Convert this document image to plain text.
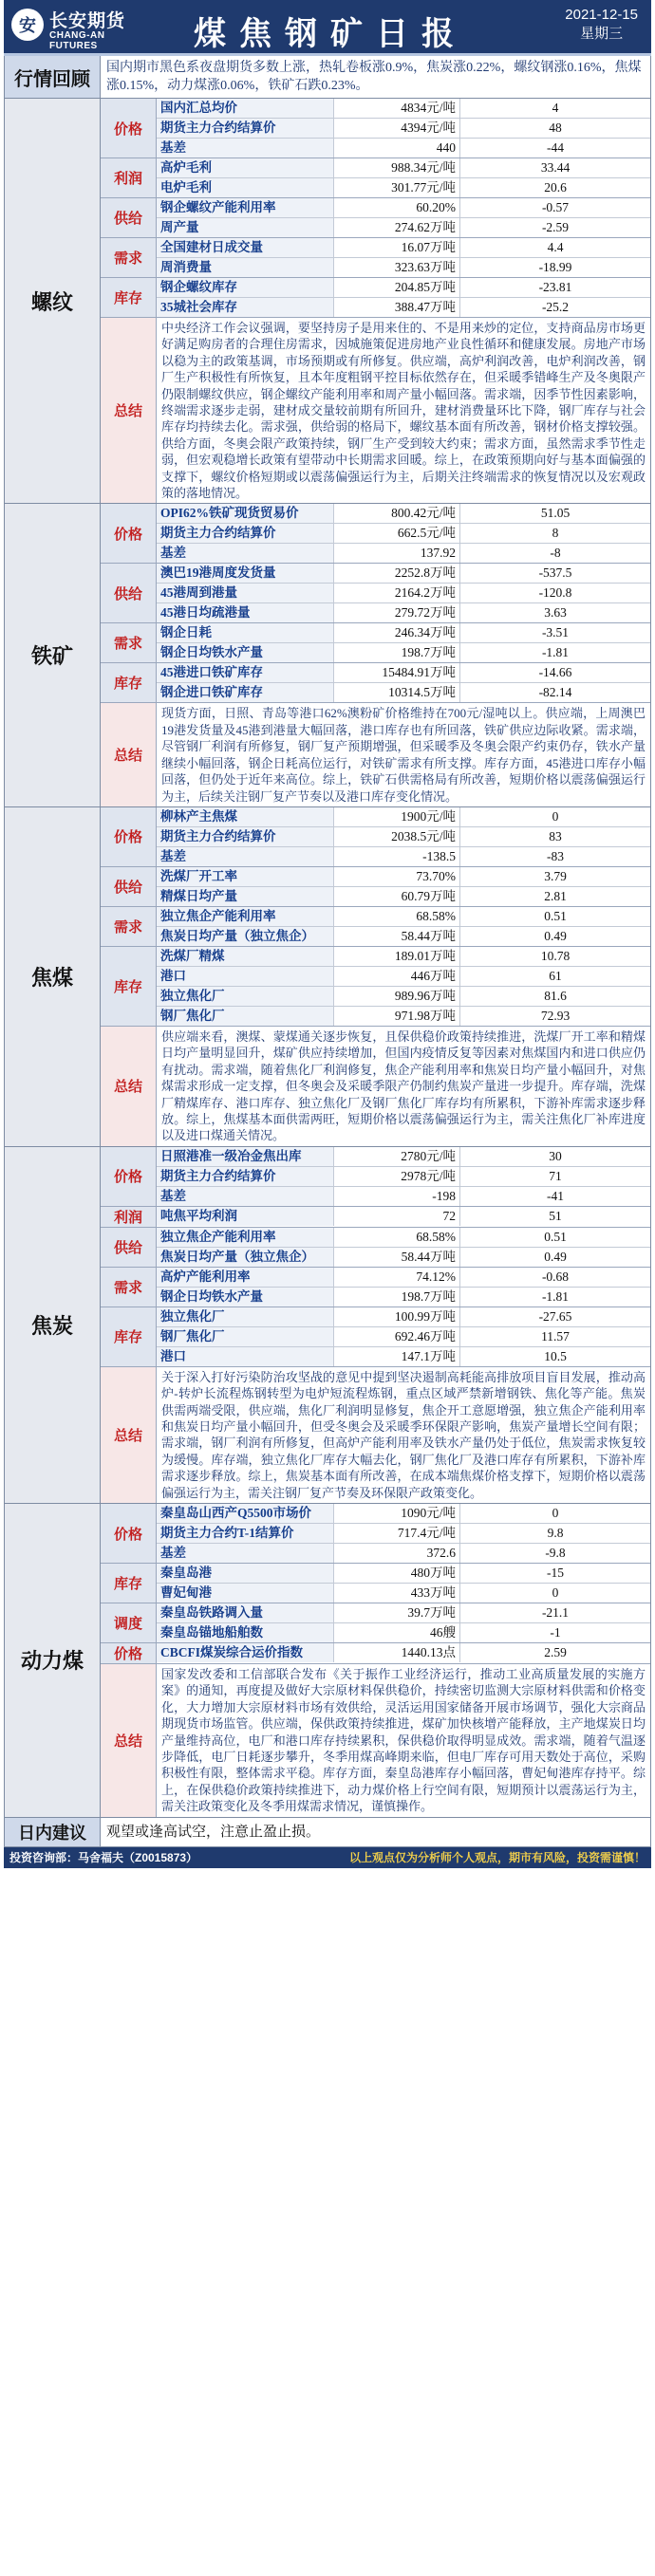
安 长安期货
CHANG-AN FUTURES	煤焦钢矿日报
2021-12-15
星期三
行情回顾
国内期市黑色系夜盘期货多数上涨，热轧卷板涨0.9%，焦炭涨0.22%，螺纹钢涨0.16%，焦煤涨0.15%，动力煤涨0.06%，铁矿石跌0.23%。
螺纹
价格
国内汇总均价	4834元/吨	4
期货主力合约结算价	4394元/吨	48
基差	440	-44
利润
高炉毛利	988.34元/吨	33.44
电炉毛利	301.77元/吨	20.6
供给
钢企螺纹产能利用率	60.20%	-0.57
周产量	274.62万吨	-2.59
需求
全国建材日成交量	16.07万吨	4.4
周消费量	323.63万吨	-18.99
库存
钢企螺纹库存	204.85万吨	-23.81
35城社会库存	388.47万吨	-25.2
总结
中央经济工作会议强调，要坚持房子是用来住的、不是用来炒的定位，支持商品房市场更好满足购房者的合理住房需求，因城施策促进房地产业良性循环和健康发展。房地产市场以稳为主的政策基调，市场预期或有所修复。供应端，高炉利润改善，电炉利润改善，钢厂生产积极性有所恢复，且本年度粗钢平控目标依然存在，但采暖季错峰生产及冬奥限产仍限制螺纹供应，钢企螺纹产能利用率和周产量小幅回落。需求端，因季节性因素影响，终端需求逐步走弱，建材成交量较前期有所回升，建材消费量环比下降，钢厂库存与社会库存均持续去化。需求强，供给弱的格局下，螺纹基本面有所改善，钢材价格支撑较强。供给方面，冬奥会限产政策持续，钢厂生产受到较大约束；需求方面，虽然需求季节性走弱，但宏观稳增长政策有望带动中长期需求回暖。综上，在政策预期向好与基本面偏强的支撑下，螺纹价格短期或以震荡偏强运行为主，后期关注终端需求的恢复情况以及宏观政策的落地情况。
铁矿
价格
OPI62%铁矿现货贸易价	800.42元/吨	51.05
期货主力合约结算价	662.5元/吨	8
基差	137.92	-8
供给
澳巴19港周度发货量	2252.8万吨	-537.5
45港周到港量	2164.2万吨	-120.8
45港日均疏港量	279.72万吨	3.63
需求
钢企日耗	246.34万吨	-3.51
钢企日均铁水产量	198.7万吨	-1.81
库存
45港进口铁矿库存	15484.91万吨	-14.66
钢企进口铁矿库存	10314.5万吨	-82.14
总结
现货方面，日照、青岛等港口62%澳粉矿价格维持在700元/湿吨以上。供应端，上周澳巴19港发货量及45港到港量大幅回落，港口库存也有所回落，铁矿供应边际收紧。需求端，尽管钢厂利润有所修复，钢厂复产预期增强，但采暖季及冬奥会限产约束仍存，铁水产量继续小幅回落，钢企日耗高位运行，对铁矿需求有所支撑。库存方面，45港进口库存小幅回落，但仍处于近年来高位。综上，铁矿石供需格局有所改善，短期价格以震荡偏强运行为主，后续关注钢厂复产节奏以及港口库存变化情况。
焦煤
价格
柳林产主焦煤	1900元/吨	0
期货主力合约结算价	2038.5元/吨	83
基差	-138.5	-83
供给
洗煤厂开工率	73.70%	3.79
精煤日均产量	60.79万吨	2.81
需求
独立焦企产能利用率	68.58%	0.51
焦炭日均产量（独立焦企）	58.44万吨	0.49
库存
洗煤厂精煤	189.01万吨	10.78
港口	446万吨	61
独立焦化厂	989.96万吨	81.6
钢厂焦化厂	971.98万吨	72.93
总结
供应端来看，澳煤、蒙煤通关逐步恢复，且保供稳价政策持续推进，洗煤厂开工率和精煤日均产量明显回升，煤矿供应持续增加，但国内疫情反复等因素对焦煤国内和进口供应仍有扰动。需求端，随着焦化厂利润修复，焦企产能利用率和焦炭日均产量小幅回升，对焦煤需求形成一定支撑，但冬奥会及采暖季限产仍制约焦炭产量进一步提升。库存端，洗煤厂精煤库存、港口库存、独立焦化厂及钢厂焦化厂库存均有所累积，下游补库需求逐步释放。综上，焦煤基本面供需两旺，短期价格以震荡偏强运行为主，需关注焦化厂补库进度以及进口煤通关情况。
焦炭
价格
日照港准一级冶金焦出库	2780元/吨	30
期货主力合约结算价	2978元/吨	71
基差	-198	-41
利润	吨焦平均利润	72	51
供给
独立焦企产能利用率	68.58%	0.51
焦炭日均产量（独立焦企）	58.44万吨	0.49
需求
高炉产能利用率	74.12%	-0.68
钢企日均铁水产量	198.7万吨	-1.81
库存
独立焦化厂	100.99万吨	-27.65
钢厂焦化厂	692.46万吨	11.57
港口	147.1万吨	10.5
总结
关于深入打好污染防治攻坚战的意见中提到坚决遏制高耗能高排放项目盲目发展，推动高炉-转炉长流程炼钢转型为电炉短流程炼钢，重点区域严禁新增钢铁、焦化等产能。焦炭供需两端受限，供应端，焦化厂利润明显修复，焦企开工意愿增强，独立焦企产能利用率和焦炭日均产量小幅回升，但受冬奥会及采暖季环保限产影响，焦炭产量增长空间有限；需求端，钢厂利润有所修复，但高炉产能利用率及铁水产量仍处于低位，焦炭需求恢复较为缓慢。库存端，独立焦化厂库存大幅去化，钢厂焦化厂及港口库存有所累积，下游补库需求逐步释放。综上，焦炭基本面有所改善，在成本端焦煤价格支撑下，短期价格以震荡偏强运行为主，需关注钢厂复产节奏及环保限产政策变化。
动力煤
价格
秦皇岛山西产Q5500市场价	1090元/吨	0
期货主力合约T-1结算价	717.4元/吨	9.8
基差	372.6	-9.8
库存
秦皇岛港	480万吨	-15
曹妃甸港	433万吨	0
调度
秦皇岛铁路调入量	39.7万吨	-21.1
秦皇岛锚地船舶数	46艘	-1
价格	CBCFI煤炭综合运价指数	1440.13点	2.59
总结
国家发改委和工信部联合发布《关于振作工业经济运行，推动工业高质量发展的实施方案》的通知，再度提及做好大宗原材料保供稳价，持续密切监测大宗原材料供需和价格变化，大力增加大宗原材料市场有效供给，灵活运用国家储备开展市场调节，强化大宗商品期现货市场监管。供应端，保供政策持续推进，煤矿加快核增产能释放，主产地煤炭日均产量维持高位，电厂和港口库存持续累积，保供稳价取得明显成效。需求端，随着气温逐步降低，电厂日耗逐步攀升，冬季用煤高峰期来临，但电厂库存可用天数处于高位，采购积极性有限，整体需求平稳。库存方面，秦皇岛港库存小幅回落，曹妃甸港库存持平。综上，在保供稳价政策持续推进下，动力煤价格上行空间有限，短期预计以震荡运行为主，需关注政策变化及冬季用煤需求情况，谨慎操作。
日内建议	观望或逢高试空，注意止盈止损。
投资咨询部：马舍福夫（Z0015873）	以上观点仅为分析师个人观点，期市有风险，投资需谨慎！
